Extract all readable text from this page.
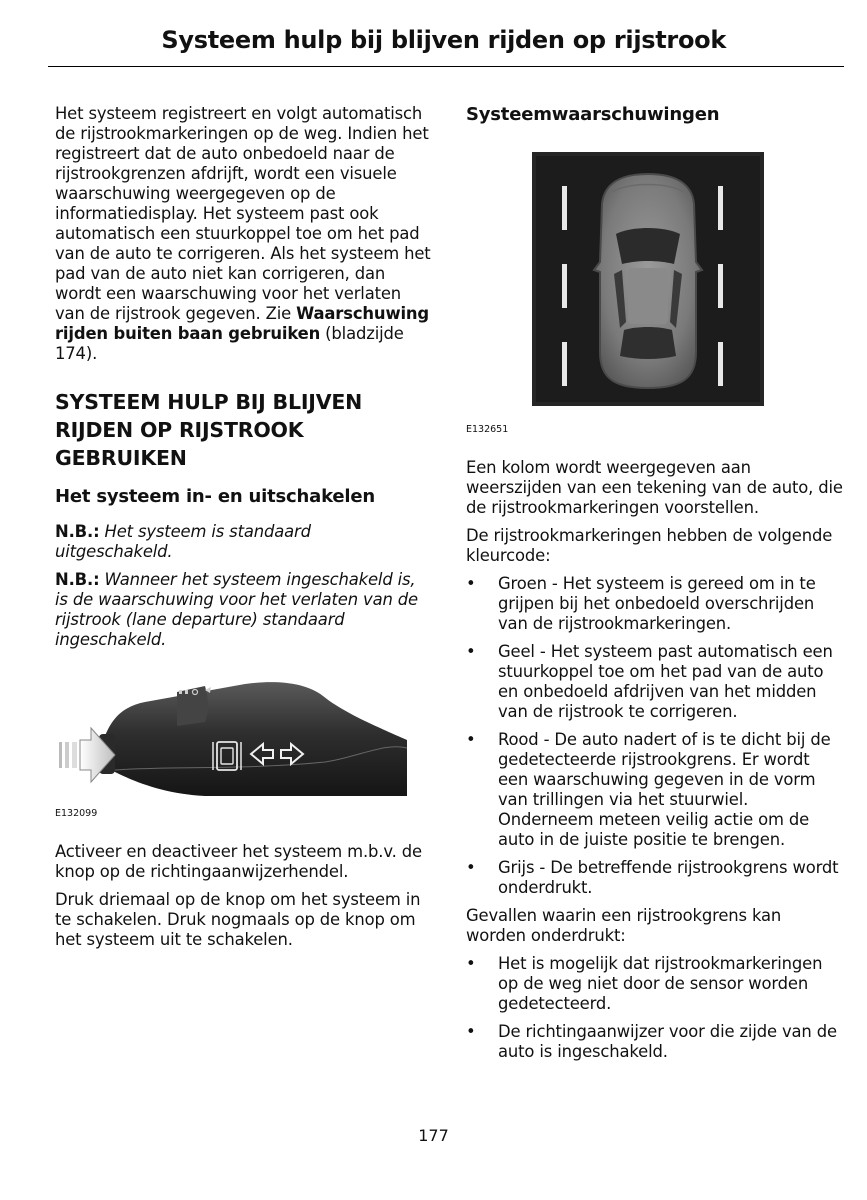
Systeem hulp bij blijven rijden op rijstrook

Het systeem registreert en volgt automatisch de rijstrookmarkeringen op de weg. Indien het registreert dat de auto onbedoeld naar de rijstrookgrenzen afdrijft, wordt een visuele waarschuwing weergegeven op de informatiedisplay. Het systeem past ook automatisch een stuurkoppel toe om het pad van de auto te corrigeren. Als het systeem het pad van de auto niet kan corrigeren, dan wordt een waarschuwing voor het verlaten van de rijstrook gegeven. Zie Waarschuwing rijden buiten baan gebruiken (bladzijde 174).

SYSTEEM HULP BIJ BLIJVEN RIJDEN OP RIJSTROOK GEBRUIKEN
Het systeem in- en uitschakelen

N.B.: Het systeem is standaard uitgeschakeld.

N.B.: Wanneer het systeem ingeschakeld is, is de waarschuwing voor het verlaten van de rijstrook (lane departure) standaard ingeschakeld.

E132099

Activeer en deactiveer het systeem m.b.v. de knop op de richtingaanwijzerhendel.

Druk driemaal op de knop om het systeem in te schakelen. Druk nogmaals op de knop om het systeem uit te schakelen.

Systeemwaarschuwingen

E132651

Een kolom wordt weergegeven aan weerszijden van een tekening van de auto, die de rijstrookmarkeringen voorstellen.

De rijstrookmarkeringen hebben de volgende kleurcode:

• Groen - Het systeem is gereed om in te grijpen bij het onbedoeld overschrijden van de rijstrookmarkeringen.
• Geel - Het systeem past automatisch een stuurkoppel toe om het pad van de auto en onbedoeld afdrijven van het midden van de rijstrook te corrigeren.
• Rood - De auto nadert of is te dicht bij de gedetecteerde rijstrookgrens. Er wordt een waarschuwing gegeven in de vorm van trillingen via het stuurwiel. Onderneem meteen veilig actie om de auto in de juiste positie te brengen.
• Grijs - De betreffende rijstrookgrens wordt onderdrukt.

Gevallen waarin een rijstrookgrens kan worden onderdrukt:

• Het is mogelijk dat rijstrookmarkeringen op de weg niet door de sensor worden gedetecteerd.
• De richtingaanwijzer voor die zijde van de auto is ingeschakeld.
177
